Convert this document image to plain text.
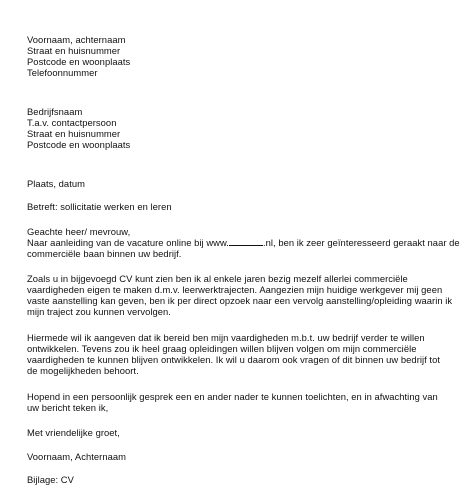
Voornaam, achternaam
Straat en huisnummer
Postcode en woonplaats
Telefoonnummer
Bedrijfsnaam
T.a.v. contactpersoon
Straat en huisnummer
Postcode en woonplaats
Plaats, datum
Betreft: sollicitatie werken en leren
Geachte heer/ mevrouw,
Naar aanleiding van de vacature online bij www.	.nl, ben ik zeer geïnteresseerd geraakt naar de
commerciële baan binnen uw bedrijf.
Zoals u in bijgevoegd CV kunt zien ben ik al enkele jaren bezig mezelf allerlei commerciële
vaardigheden eigen te maken d.m.v. leerwerktrajecten. Aangezien mijn huidige werkgever mij geen
vaste aanstelling kan geven, ben ik per direct opzoek naar een vervolg aanstelling/opleiding waarin ik
mijn traject zou kunnen vervolgen.
Hiermede wil ik aangeven dat ik bereid ben mijn vaardigheden m.b.t. uw bedrijf verder te willen
ontwikkelen. Tevens zou ik heel graag opleidingen willen blijven volgen om mijn commerciële
vaardigheden te kunnen blijven ontwikkelen. Ik wil u daarom ook vragen of dit binnen uw bedrijf tot
de mogelijkheden behoort.
Hopend in een persoonlijk gesprek een en ander nader te kunnen toelichten, en in afwachting van
uw bericht teken ik,
Met vriendelijke groet,
Voornaam, Achternaam
Bijlage: CV
